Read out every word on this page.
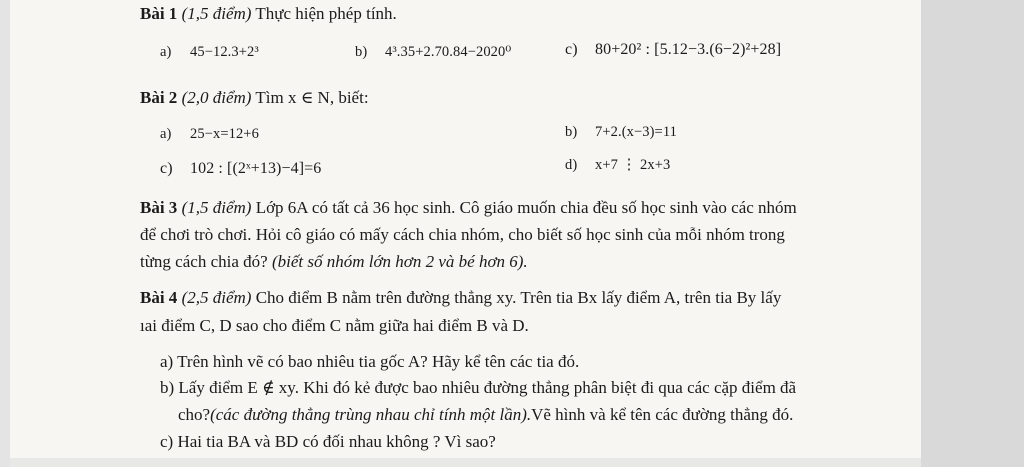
Bài 1 (1,5 điểm) Thực hiện phép tính.
a) 45−12.3+2³	b) 4³.35+2.70.84−2020⁰	c) 80+20² : [5.12−3.(6−2)²+28]
Bài 2 (2,0 điểm) Tìm x ∈ N, biết:
a) 25−x=12+6	b) 7+2.(x−3)=11
c) 102 : [(2ˣ+13)−4]=6	d) x+7 ⋮ 2x+3
Bài 3 (1,5 điểm) Lớp 6A có tất cả 36 học sinh. Cô giáo muốn chia đều số học sinh vào các nhóm
để chơi trò chơi. Hỏi cô giáo có mấy cách chia nhóm, cho biết số học sinh của mỗi nhóm trong
từng cách chia đó? (biết số nhóm lớn hơn 2 và bé hơn 6).
Bài 4 (2,5 điểm) Cho điểm B nằm trên đường thẳng xy. Trên tia Bx lấy điểm A, trên tia By lấy
ıai điểm C, D sao cho điểm C nằm giữa hai điểm B và D.
a) Trên hình vẽ có bao nhiêu tia gốc A? Hãy kể tên các tia đó.
b) Lấy điểm E ∉ xy. Khi đó kẻ được bao nhiêu đường thẳng phân biệt đi qua các cặp điểm đã
cho?(các đường thẳng trùng nhau chỉ tính một lần).Vẽ hình và kể tên các đường thẳng đó.
c) Hai tia BA và BD có đối nhau không ? Vì sao?
